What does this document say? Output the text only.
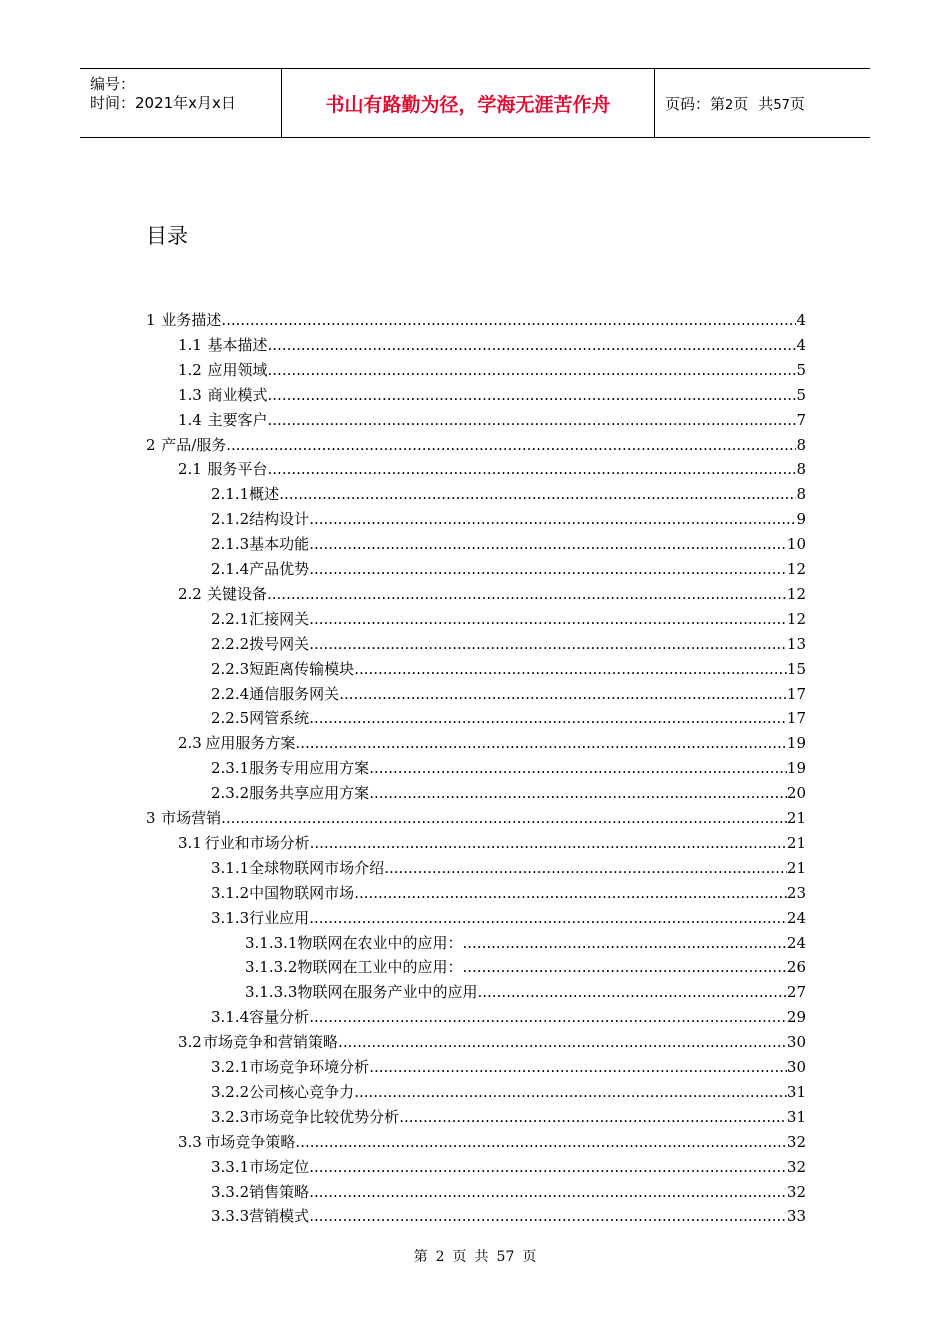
编号：
时间：2021年x月x日	书山有路勤为径，学海无涯苦作舟	页码：第2页 共57页
目录
1 业务描述 .....	4
1.1 基本描述 .....	4
1.2 应用领域 .....	5
1.3 商业模式 .....	5
1.4 主要客户 .....	7
2 产品/服务 .....	8
2.1 服务平台 .....	8
2.1.1 概述 .....	8
2.1.2 结构设计 .....	9
2.1.3 基本功能 .....	10
2.1.4 产品优势 .....	12
2.2 关键设备 .....	12
2.2.1 汇接网关 .....	12
2.2.2 拨号网关 .....	13
2.2.3 短距离传输模块 .....	15
2.2.4 通信服务网关 .....	17
2.2.5 网管系统 .....	17
2.3 应用服务方案 .....	19
2.3.1 服务专用应用方案 .....	19
2.3.2 服务共享应用方案 .....	20
3 市场营销 .....	21
3.1 行业和市场分析 .....	21
3.1.1 全球物联网市场介绍 .....	21
3.1.2 中国物联网市场 .....	23
3.1.3 行业应用 .....	24
3.1.3.1 物联网在农业中的应用： .....	24
3.1.3.2 物联网在工业中的应用： .....	26
3.1.3.3 物联网在服务产业中的应用 .....	27
3.1.4 容量分析 .....	29
3.2 市场竞争和营销策略 .....	30
3.2.1 市场竞争环境分析 .....	30
3.2.2 公司核心竞争力 .....	31
3.2.3 市场竞争比较优势分析 .....	31
3.3 市场竞争策略 .....	32
3.3.1 市场定位 .....	32
3.3.2 销售策略 .....	32
3.3.3 营销模式 .....	33
第 2 页 共 57 页
